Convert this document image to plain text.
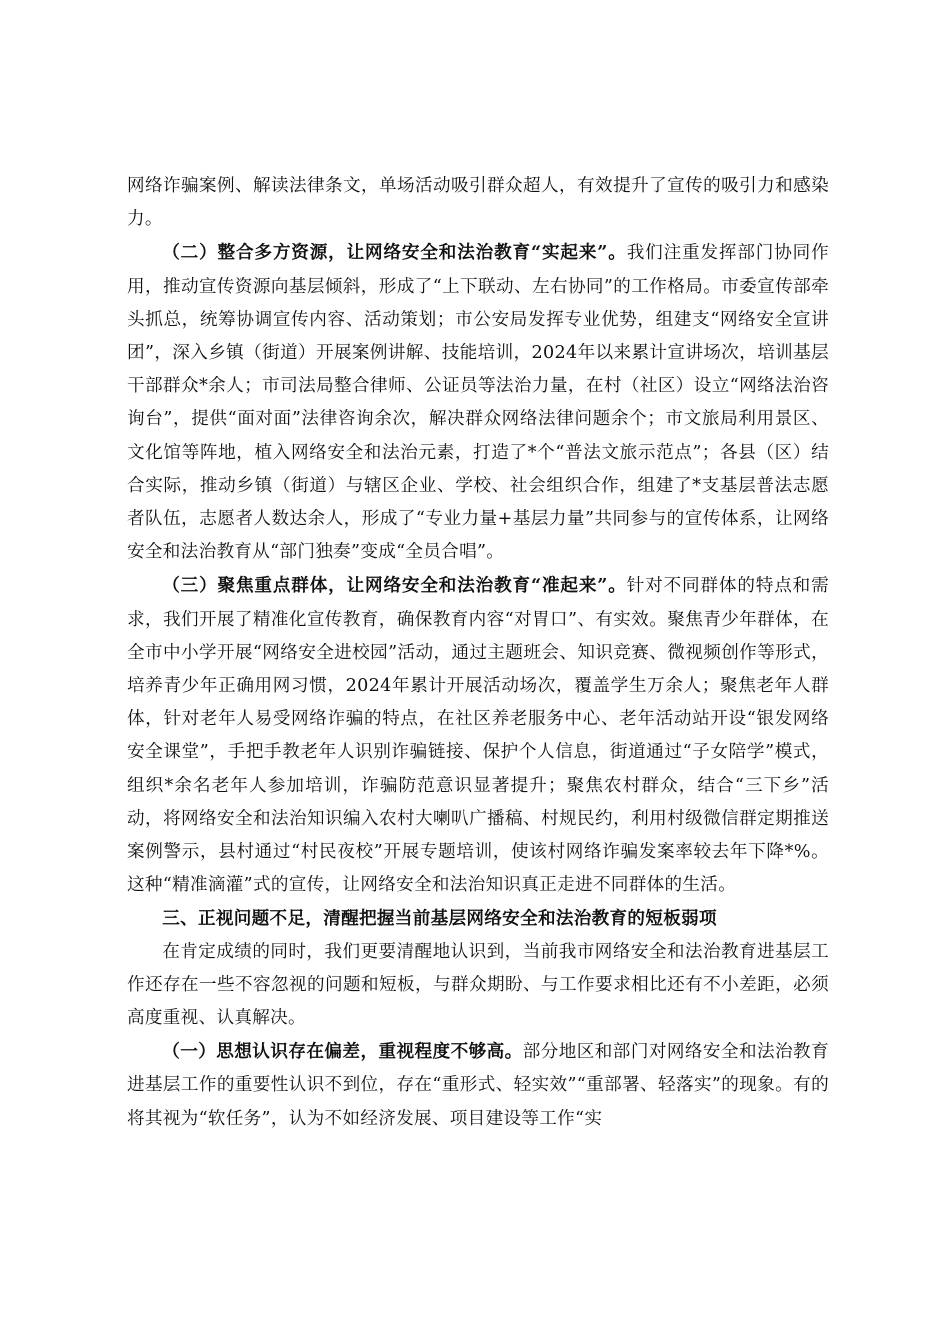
网络诈骗案例、解读法律条文，单场活动吸引群众超人，有效提升了宣传的吸引力和感染力。

（二）整合多方资源，让网络安全和法治教育“实起来”。我们注重发挥部门协同作用，推动宣传资源向基层倾斜，形成了“上下联动、左右协同”的工作格局。市委宣传部牵头抓总，统筹协调宣传内容、活动策划；市公安局发挥专业优势，组建支“网络安全宣讲团”，深入乡镇（街道）开展案例讲解、技能培训，2024年以来累计宣讲场次，培训基层干部群众*余人；市司法局整合律师、公证员等法治力量，在村（社区）设立“网络法治咨询台”，提供“面对面”法律咨询余次，解决群众网络法律问题余个；市文旅局利用景区、文化馆等阵地，植入网络安全和法治元素，打造了*个“普法文旅示范点”；各县（区）结合实际，推动乡镇（街道）与辖区企业、学校、社会组织合作，组建了*支基层普法志愿者队伍，志愿者人数达余人，形成了“专业力量+基层力量”共同参与的宣传体系，让网络安全和法治教育从“部门独奏”变成“全员合唱”。

（三）聚焦重点群体，让网络安全和法治教育“准起来”。针对不同群体的特点和需求，我们开展了精准化宣传教育，确保教育内容“对胃口”、有实效。聚焦青少年群体，在全市中小学开展“网络安全进校园”活动，通过主题班会、知识竞赛、微视频创作等形式，培养青少年正确用网习惯，2024年累计开展活动场次，覆盖学生万余人；聚焦老年人群体，针对老年人易受网络诈骗的特点，在社区养老服务中心、老年活动站开设“银发网络安全课堂”，手把手教老年人识别诈骗链接、保护个人信息，街道通过“子女陪学”模式，组织*余名老年人参加培训，诈骗防范意识显著提升；聚焦农村群众，结合“三下乡”活动，将网络安全和法治知识编入农村大喇叭广播稿、村规民约，利用村级微信群定期推送案例警示，县村通过“村民夜校”开展专题培训，使该村网络诈骗发案率较去年下降*%。这种“精准滴灌”式的宣传，让网络安全和法治知识真正走进不同群体的生活。

三、正视问题不足，清醒把握当前基层网络安全和法治教育的短板弱项

在肯定成绩的同时，我们更要清醒地认识到，当前我市网络安全和法治教育进基层工作还存在一些不容忽视的问题和短板，与群众期盼、与工作要求相比还有不小差距，必须高度重视、认真解决。

（一）思想认识存在偏差，重视程度不够高。部分地区和部门对网络安全和法治教育进基层工作的重要性认识不到位，存在“重形式、轻实效”“重部署、轻落实”的现象。有的将其视为“软任务”，认为不如经济发展、项目建设等工作“实
